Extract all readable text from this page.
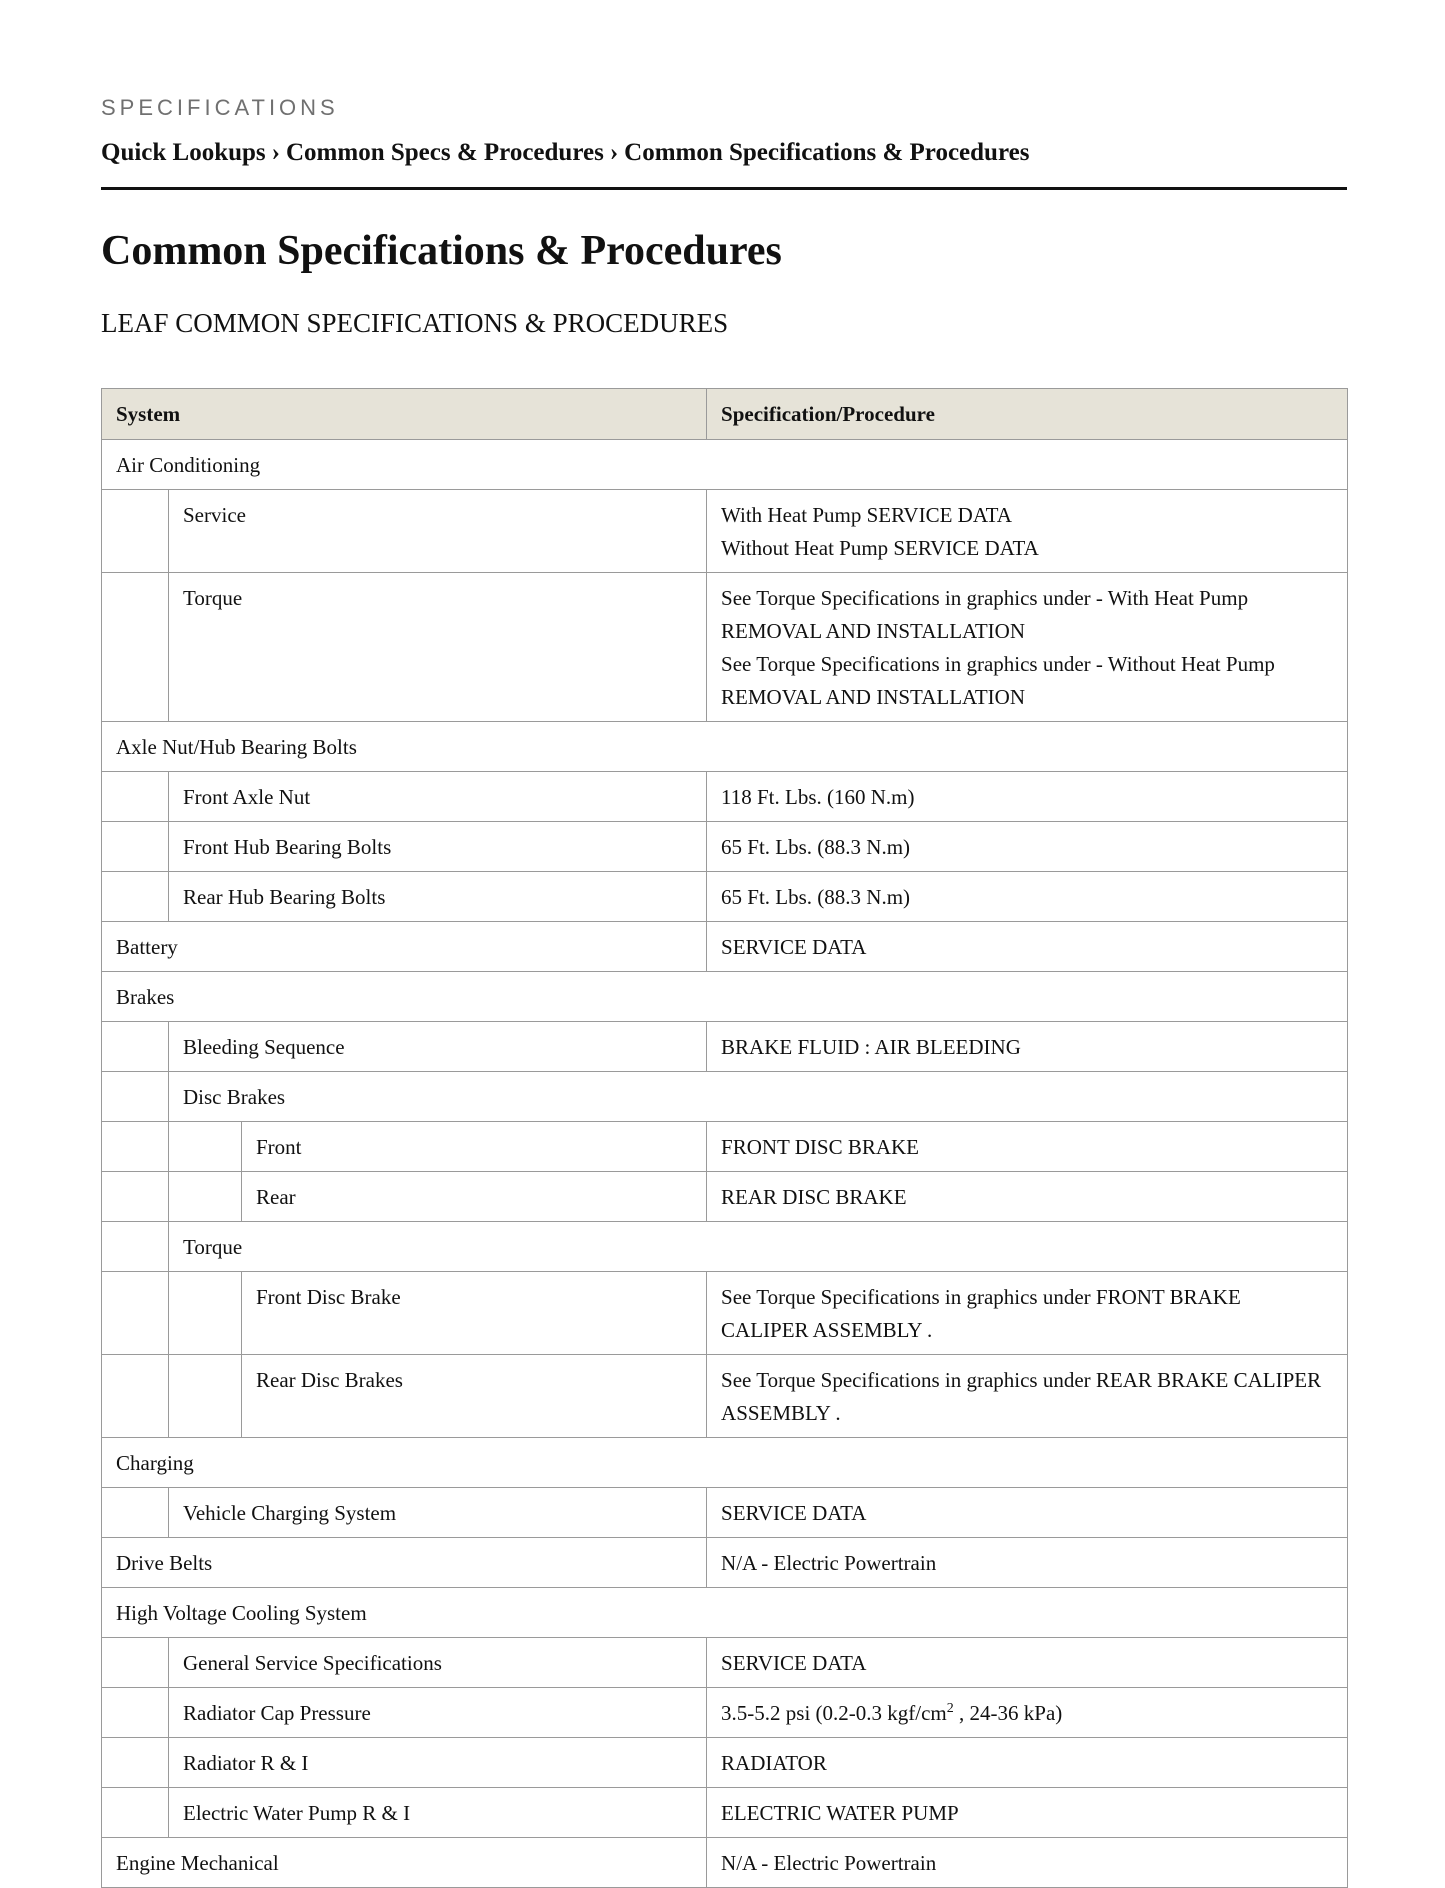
SPECIFICATIONS
Quick Lookups › Common Specs & Procedures › Common Specifications & Procedures
Common Specifications & Procedures
LEAF COMMON SPECIFICATIONS & PROCEDURES
System			Specification/Procedure
Air Conditioning			
	Service		With Heat Pump SERVICE DATA
Without Heat Pump SERVICE DATA

	Torque		See Torque Specifications in graphics under - With Heat Pump
REMOVAL AND INSTALLATION
See Torque Specifications in graphics under - Without Heat Pump
REMOVAL AND INSTALLATION

Axle Nut/Hub Bearing Bolts			
	Front Axle Nut		118 Ft. Lbs. (160 N.m)

	Front Hub Bearing Bolts		65 Ft. Lbs. (88.3 N.m)

	Rear Hub Bearing Bolts		65 Ft. Lbs. (88.3 N.m)

Battery			SERVICE DATA

Brakes			
	Bleeding Sequence		BRAKE FLUID : AIR BLEEDING

	Disc Brakes		
		Front	FRONT DISC BRAKE

		Rear	REAR DISC BRAKE

	Torque		
		Front Disc Brake	See Torque Specifications in graphics under FRONT BRAKE
CALIPER ASSEMBLY .

		Rear Disc Brakes	See Torque Specifications in graphics under REAR BRAKE CALIPER
ASSEMBLY .

Charging			
	Vehicle Charging System		SERVICE DATA

Drive Belts			N/A - Electric Powertrain

High Voltage Cooling System			
	General Service Specifications		SERVICE DATA

	Radiator Cap Pressure		3.5-5.2 psi (0.2-0.3 kgf/$cm^2$ , 24-36 kPa)
	Radiator R & I		RADIATOR

	Electric Water Pump R & I		ELECTRIC WATER PUMP

Engine Mechanical			N/A - Electric Powertrain
